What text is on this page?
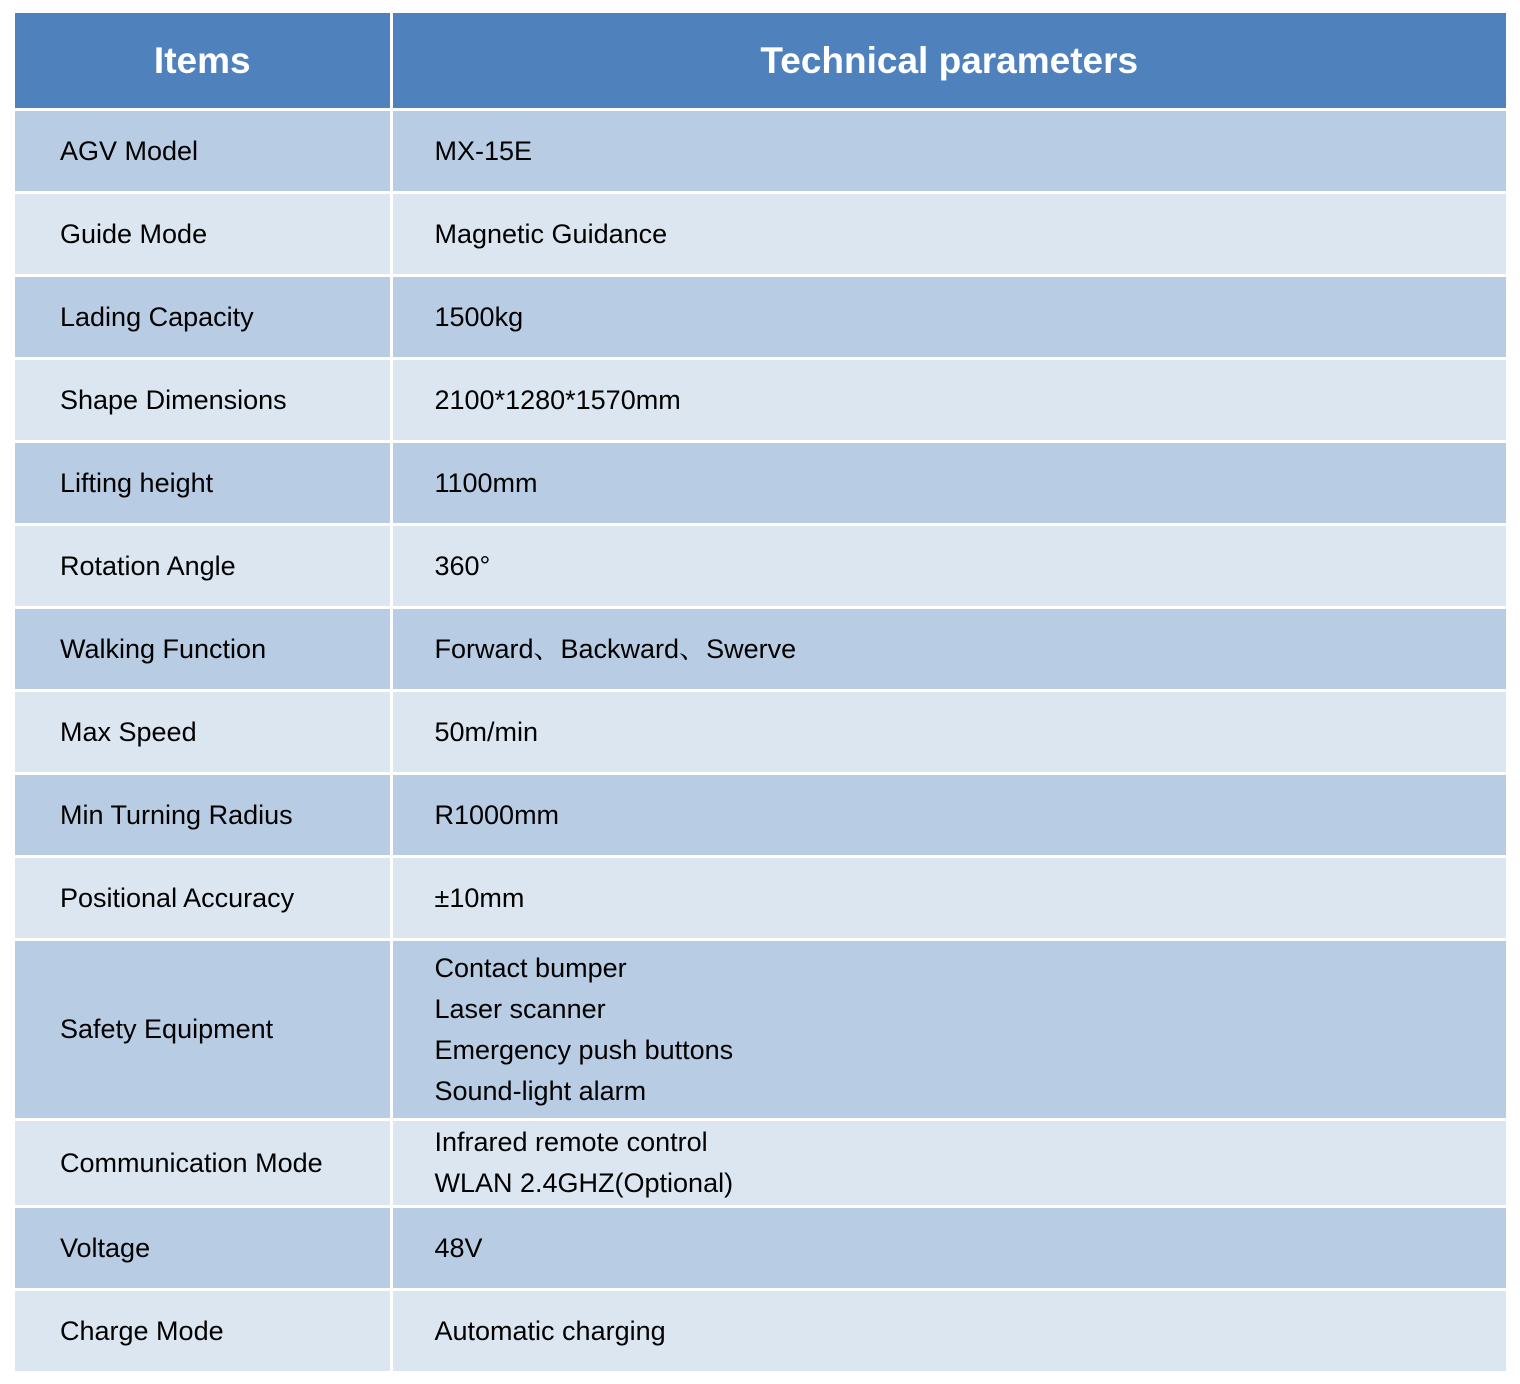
Items	Technical parameters
AGV Model	MX-15E

Guide Mode	Magnetic Guidance

Lading Capacity	1500kg

Shape Dimensions	2100*1280*1570mm

Lifting height	1100mm

Rotation Angle	360°

Walking Function	Forward、Backward、Swerve

Max Speed	50m/min

Min Turning Radius	R1000mm

Positional Accuracy	±10mm

Safety Equipment	Contact bumper
Laser scanner
Emergency push buttons
Sound-light alarm

Communication Mode	Infrared remote control
WLAN 2.4GHZ(Optional)

Voltage	48V

Charge Mode	Automatic charging
